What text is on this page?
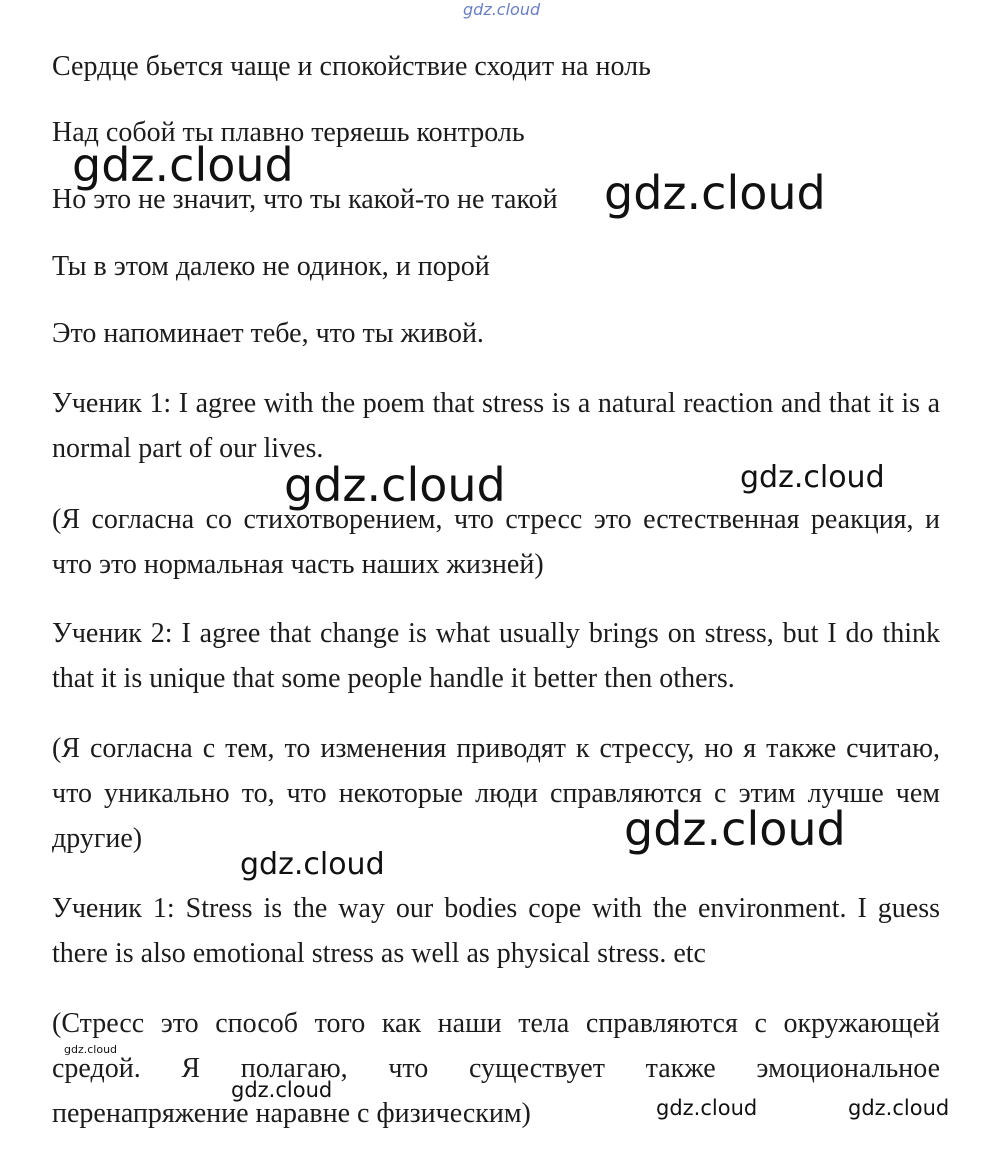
gdz.cloud
Сердце бьется чаще и спокойствие сходит на ноль
Над собой ты плавно теряешь контроль
Но это не значит, что ты какой-то не такой
Ты в этом далеко не одинок, и порой
Это напоминает тебе, что ты живой.
Ученик 1: I agree with the poem that stress is a natural reaction and that it is a normal part of our lives.
(Я согласна со стихотворением, что стресс это естественная реакция, и что это нормальная часть наших жизней)
Ученик 2: I agree that change is what usually brings on stress, but I do think that it is unique that some people handle it better then others.
(Я согласна с тем, то изменения приводят к стрессу, но я также считаю, что уникально то, что некоторые люди справляются с этим лучше чем другие)
Ученик 1: Stress is the way our bodies cope with the environment. I guess there is also emotional stress as well as physical stress. etc
(Стресс это способ того как наши тела справляются с окружающей средой. Я полагаю, что существует также эмоциональное перенапряжение наравне с физическим)
gdz.cloud
gdz.cloud
gdz.cloud	gdz.cloud
gdz.cloud
gdz.cloud
gdz.cloud
gdz.cloud
gdz.cloud	gdz.cloud
